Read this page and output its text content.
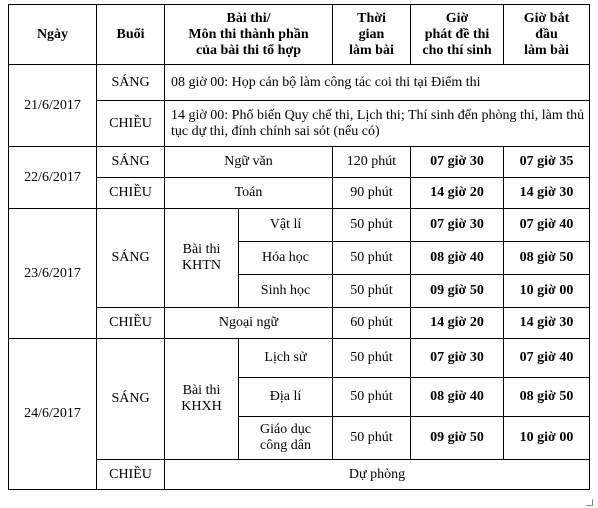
Ngày	Buổi	Bài thi/
Môn thi thành phần
của bài thi tổ hợp		Thời
gian
làm bài	Giờ
phát đề thi
cho thí sinh	Giờ bắt
đầu
làm bài
21/6/2017	SÁNG	08 giờ 00: Họp cán bộ làm công tác coi thi tại Điểm thi				
	CHIỀU	14 giờ 00: Phổ biến Quy chế thi, Lịch thi; Thí sinh đến phòng thi, làm thủ tục dự thi, đính chính sai sót (nếu có)				
22/6/2017	SÁNG	Ngữ văn		120 phút	07 giờ 30	07 giờ 35
	CHIỀU	Toán		90 phút	14 giờ 20	14 giờ 30
23/6/2017	SÁNG	Bài thi
KHTN	Vật lí	50 phút	07 giờ 30	07 giờ 40
			Hóa học	50 phút	08 giờ 40	08 giờ 50
			Sinh học	50 phút	09 giờ 50	10 giờ 00
	CHIỀU	Ngoại ngữ		60 phút	14 giờ 20	14 giờ 30
24/6/2017	SÁNG	Bài thi
KHXH	Lịch sử	50 phút	07 giờ 30	07 giờ 40
			Địa lí	50 phút	08 giờ 40	08 giờ 50
			Giáo dục
công dân	50 phút	09 giờ 50	10 giờ 00
	CHIỀU	Dự phòng				
